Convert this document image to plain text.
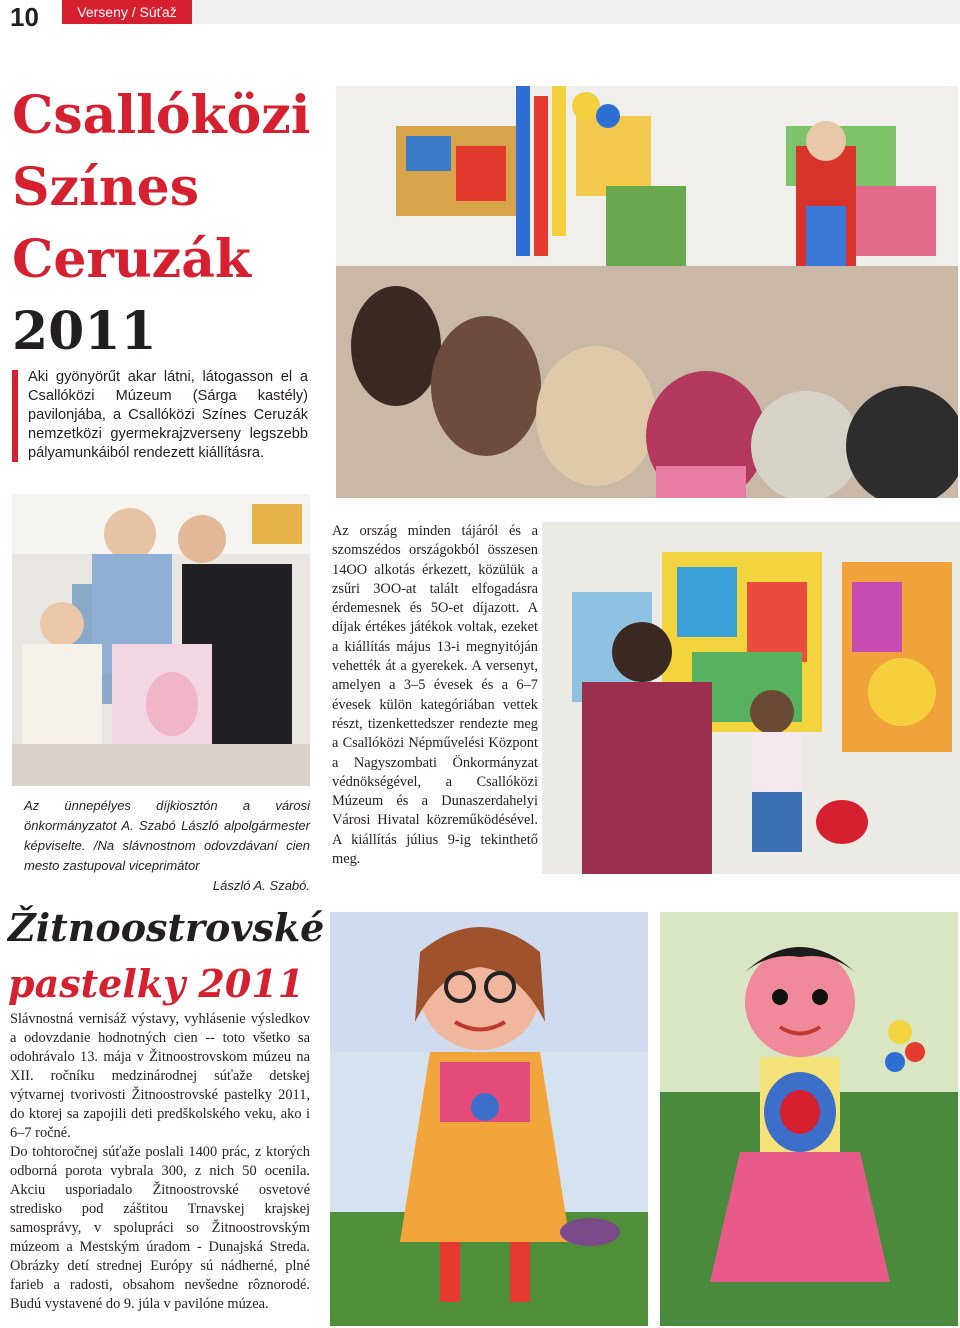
10	Verseny / Súťaž
Csallóközi
Színes
Ceruzák
2011
Aki gyönyörűt akar látni, látogasson el a Csallóközi Múzeum (Sárga kastély) pavilonjába, a Csallóközi Színes Ceruzák nemzetközi gyermekrajzverseny legszebb pályamunkáiból rendezett kiállításra.
Az ünnepélyes díjkiosztón a városi önkormányzatot A. Szabó László alpolgármester képviselte. /Na slávnostnom odovzdávaní cien mesto zastupoval viceprimátor
László A. Szabó.
Az ország minden tájáról és a szomszédos országokból összesen 14OO alkotás érkezett, közülük a zsűri 3OO-at talált elfogadásra érdemesnek és 5O-et díjazott. A díjak értékes játékok voltak, ezeket a kiállítás május 13-i megnyitóján vehették át a gyerekek. A versenyt, amelyen a 3–5 évesek és a 6–7 évesek külön kategóriában vettek részt, tizenkettedszer rendezte meg a Csallóközi Népművelési Központ a Nagyszombati Önkormányzat védnökségével, a Csallóközi Múzeum és a Dunaszerdahelyi Városi Hivatal közreműködésével. A kiállítás július 9-ig tekinthető meg.
Žitnoostrovské
pastelky 2011

Slávnostná vernisáž výstavy, vyhlásenie výsledkov a odovzdanie hodnotných cien -- toto všetko sa odohrávalo 13. mája v Žitnoostrovskom múzeu na XII. ročníku medzinárodnej súťaže detskej výtvarnej tvorivosti Žitnoostrovské pastelky 2011, do ktorej sa zapojili deti predškolského veku, ako i 6–7 ročné.

Do tohtoročnej súťaže poslali 1400 prác, z ktorých odborná porota vybrala 300, z nich 50 ocenila. Akciu usporiadalo Žitnoostrovské osvetové stredisko pod záštitou Trnavskej krajskej samosprávy, v spolupráci so Žitnoostrovským múzeom a Mestským úradom - Dunajská Streda. Obrázky detí strednej Európy sú nádherné, plné farieb a radosti, obsahom nevšedne rôznorodé. Budú vystavené do 9. júla v pavilóne múzea.
